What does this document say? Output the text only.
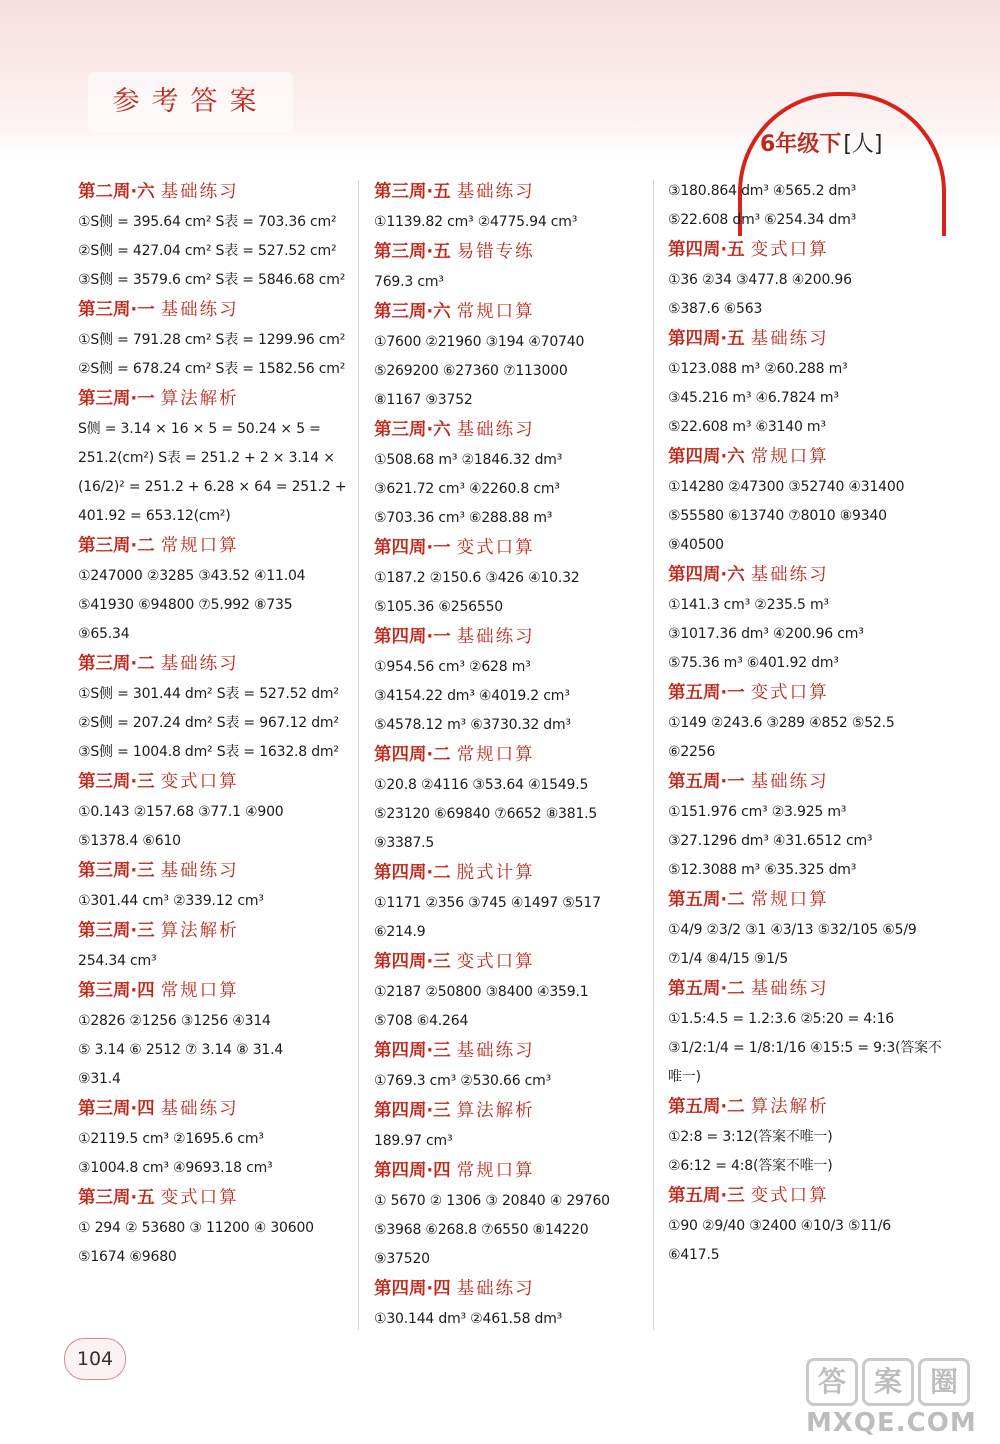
参考答案
6年级下[人]
第二周·六 基础练习
①S侧 = 395.64 cm² S表 = 703.36 cm²
②S侧 = 427.04 cm² S表 = 527.52 cm²
③S侧 = 3579.6 cm² S表 = 5846.68 cm²
第三周·一 基础练习
①S侧 = 791.28 cm² S表 = 1299.96 cm²
②S侧 = 678.24 cm² S表 = 1582.56 cm²
第三周·一 算法解析
S侧 = 3.14 × 16 × 5 = 50.24 × 5 =
251.2(cm²) S表 = 251.2 + 2 × 3.14 ×
(16/2)² = 251.2 + 6.28 × 64 = 251.2 +
401.92 = 653.12(cm²)
第三周·二 常规口算
①247000 ②3285 ③43.52 ④11.04
⑤41930 ⑥94800 ⑦5.992 ⑧735
⑨65.34
第三周·二 基础练习
①S侧 = 301.44 dm² S表 = 527.52 dm²
②S侧 = 207.24 dm² S表 = 967.12 dm²
③S侧 = 1004.8 dm² S表 = 1632.8 dm²
第三周·三 变式口算
①0.143 ②157.68 ③77.1 ④900
⑤1378.4 ⑥610
第三周·三 基础练习
①301.44 cm³ ②339.12 cm³
第三周·三 算法解析
254.34 cm³
第三周·四 常规口算
①2826 ②1256 ③1256 ④314
⑤ 3.14 ⑥ 2512 ⑦ 3.14 ⑧ 31.4
⑨31.4
第三周·四 基础练习
①2119.5 cm³ ②1695.6 cm³
③1004.8 cm³ ④9693.18 cm³
第三周·五 变式口算
① 294 ② 53680 ③ 11200 ④ 30600
⑤1674 ⑥9680
第三周·五 基础练习
①1139.82 cm³ ②4775.94 cm³
第三周·五 易错专练
769.3 cm³
第三周·六 常规口算
①7600 ②21960 ③194 ④70740
⑤269200 ⑥27360 ⑦113000
⑧1167 ⑨3752
第三周·六 基础练习
①508.68 m³ ②1846.32 dm³
③621.72 cm³ ④2260.8 cm³
⑤703.36 cm³ ⑥288.88 m³
第四周·一 变式口算
①187.2 ②150.6 ③426 ④10.32
⑤105.36 ⑥256550
第四周·一 基础练习
①954.56 cm³ ②628 m³
③4154.22 dm³ ④4019.2 cm³
⑤4578.12 m³ ⑥3730.32 dm³
第四周·二 常规口算
①20.8 ②4116 ③53.64 ④1549.5
⑤23120 ⑥69840 ⑦6652 ⑧381.5
⑨3387.5
第四周·二 脱式计算
①1171 ②356 ③745 ④1497 ⑤517
⑥214.9
第四周·三 变式口算
①2187 ②50800 ③8400 ④359.1
⑤708 ⑥4.264
第四周·三 基础练习
①769.3 cm³ ②530.66 cm³
第四周·三 算法解析
189.97 cm³
第四周·四 常规口算
① 5670 ② 1306 ③ 20840 ④ 29760
⑤3968 ⑥268.8 ⑦6550 ⑧14220
⑨37520
第四周·四 基础练习
①30.144 dm³ ②461.58 dm³
③180.864 dm³ ④565.2 dm³
⑤22.608 dm³ ⑥254.34 dm³
第四周·五 变式口算
①36 ②34 ③477.8 ④200.96
⑤387.6 ⑥563
第四周·五 基础练习
①123.088 m³ ②60.288 m³
③45.216 m³ ④6.7824 m³
⑤22.608 m³ ⑥3140 m³
第四周·六 常规口算
①14280 ②47300 ③52740 ④31400
⑤55580 ⑥13740 ⑦8010 ⑧9340
⑨40500
第四周·六 基础练习
①141.3 cm³ ②235.5 m³
③1017.36 dm³ ④200.96 cm³
⑤75.36 m³ ⑥401.92 dm³
第五周·一 变式口算
①149 ②243.6 ③289 ④852 ⑤52.5
⑥2256
第五周·一 基础练习
①151.976 cm³ ②3.925 m³
③27.1296 dm³ ④31.6512 cm³
⑤12.3088 m³ ⑥35.325 dm³
第五周·二 常规口算
①4/9 ②3/2 ③1 ④3/13 ⑤32/105 ⑥5/9
⑦1/4 ⑧4/15 ⑨1/5
第五周·二 基础练习
①1.5:4.5 = 1.2:3.6 ②5:20 = 4:16
③1/2:1/4 = 1/8:1/16 ④15:5 = 9:3(答案不
唯一)
第五周·二 算法解析
①2:8 = 3:12(答案不唯一)
②6:12 = 4:8(答案不唯一)
第五周·三 变式口算
①90 ②9/40 ③2400 ④10/3 ⑤11/6
⑥417.5
104
答 案 圈
MXQE.COM
